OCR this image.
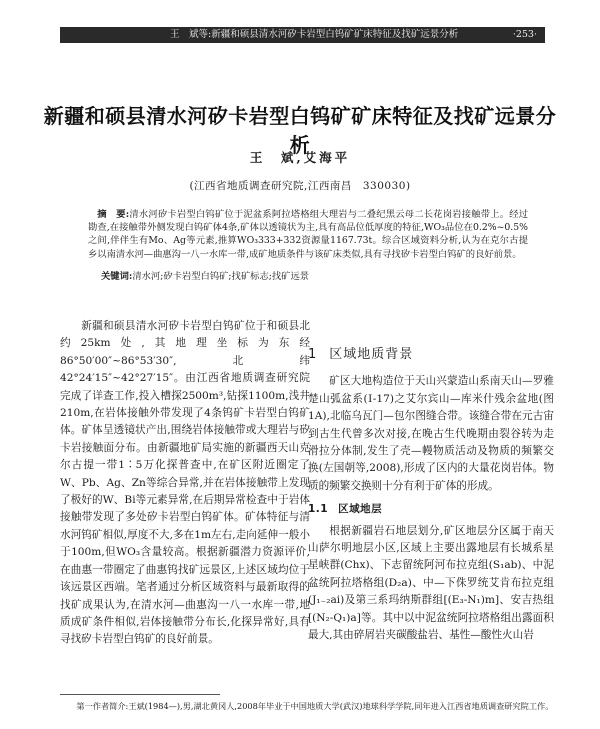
王　斌等:新疆和硕县清水河矽卡岩型白钨矿矿床特征及找矿远景分析	·253·
新疆和硕县清水河矽卡岩型白钨矿矿床特征及找矿远景分析
王　斌,艾海平
(江西省地质调查研究院,江西南昌　330030)
摘　要:清水河矽卡岩型白钨矿位于泥盆系阿拉塔格组大理岩与二叠纪黑云母二长花岗岩接触带上。经过勘查,在接触带外侧发现白钨矿体4条,矿体以透镜状为主,具有高品位低厚度的特征,WO₃品位在0.2%~0.5%之间,伴伴生有Mo、Ag等元素,推算WO₃333+332资源量1167.73t。综合区域资料分析,认为在克尔古提乡以南清水河—曲惠沟一八一水库一带,成矿地质条件与该矿床类似,具有寻找矽卡岩型白钨矿的良好前景。
关键词:清水河;矽卡岩型白钨矿;找矿标志;找矿远景

新疆和硕县清水河矽卡岩型白钨矿位于和硕县北约25km处,其地理坐标为东经86°50′00″~86°53′30″,北纬42°24′15″~42°27′15″。由江西省地质调查研究院完成了详查工作,投入槽探2500m³,钻探1100m,浅井210m,在岩体接触外带发现了4条钨矿卡岩型白钨矿体。矿体呈透镜状产出,围绕岩体接触带或大理岩与矽卡岩接触面分布。由新疆地矿局实施的新疆西天山克尔古提一带1∶5万化探普查中,在矿区附近圈定了W、Pb、Ag、Zn等综合异常,并在岩体接触带上发现了极好的W、Bi等元素异常,在后期异常检查中于岩体接触带发现了多处矽卡岩型白钨矿体。矿体特征与清水河钨矿相似,厚度不大,多在1m左右,走向延伸一般小于100m,但WO₃含量较高。根据新疆潜力资源评价,在曲惠一带圈定了曲惠钨找矿远景区,上述区域均位于该远景区西端。笔者通过分析区域资料与最新取得的找矿成果认为,在清水河—曲惠沟一八一水库一带,地质成矿条件相似,岩体接触带分布长,化探异常好,具有寻找矽卡岩型白钨矿的良好前景。

1 区域地质背景

矿区大地构造位于天山兴蒙造山系南天山—罗雅楚山弧盆系(Ⅰ-17)之艾尔宾山—库米什残余盆地(图1A),北临乌瓦门—包尔图缝合带。该缝合带在元古宙到古生代曾多次对接,在晚古生代晚期由裂谷转为走滑拉分体制,发生了壳—幔物质活动及物质的频繁交换(左国朝等,2008),形成了区内的大量花岗岩体。物质的频繁交换则十分有利于矿体的形成。

1.1 区域地层

根据新疆岩石地层划分,矿区地层分区属于南天山萨尔明地层小区,区域上主要出露地层有长城系星星峡群(Chx)、下志留统阿河布拉克组(S₁ab)、中泥盆统阿拉塔格组(D₂a)、中—下侏罗统艾肯布拉克组(J₁₋₂ai)及第三系玛纳斯群组[(E₃-N₁)m]、安吉热组[(N₂-Q₁)a]等。其中以中泥盆统阿拉塔格组出露面积最大,其由碎屑岩夹碳酸盐岩、基性—酸性火山岩

第一作者简介:王斌(1984—),男,湖北黄冈人,2008年毕业于中国地质大学(武汉)地球科学学院,同年进入江西省地质调查研究院工作。
